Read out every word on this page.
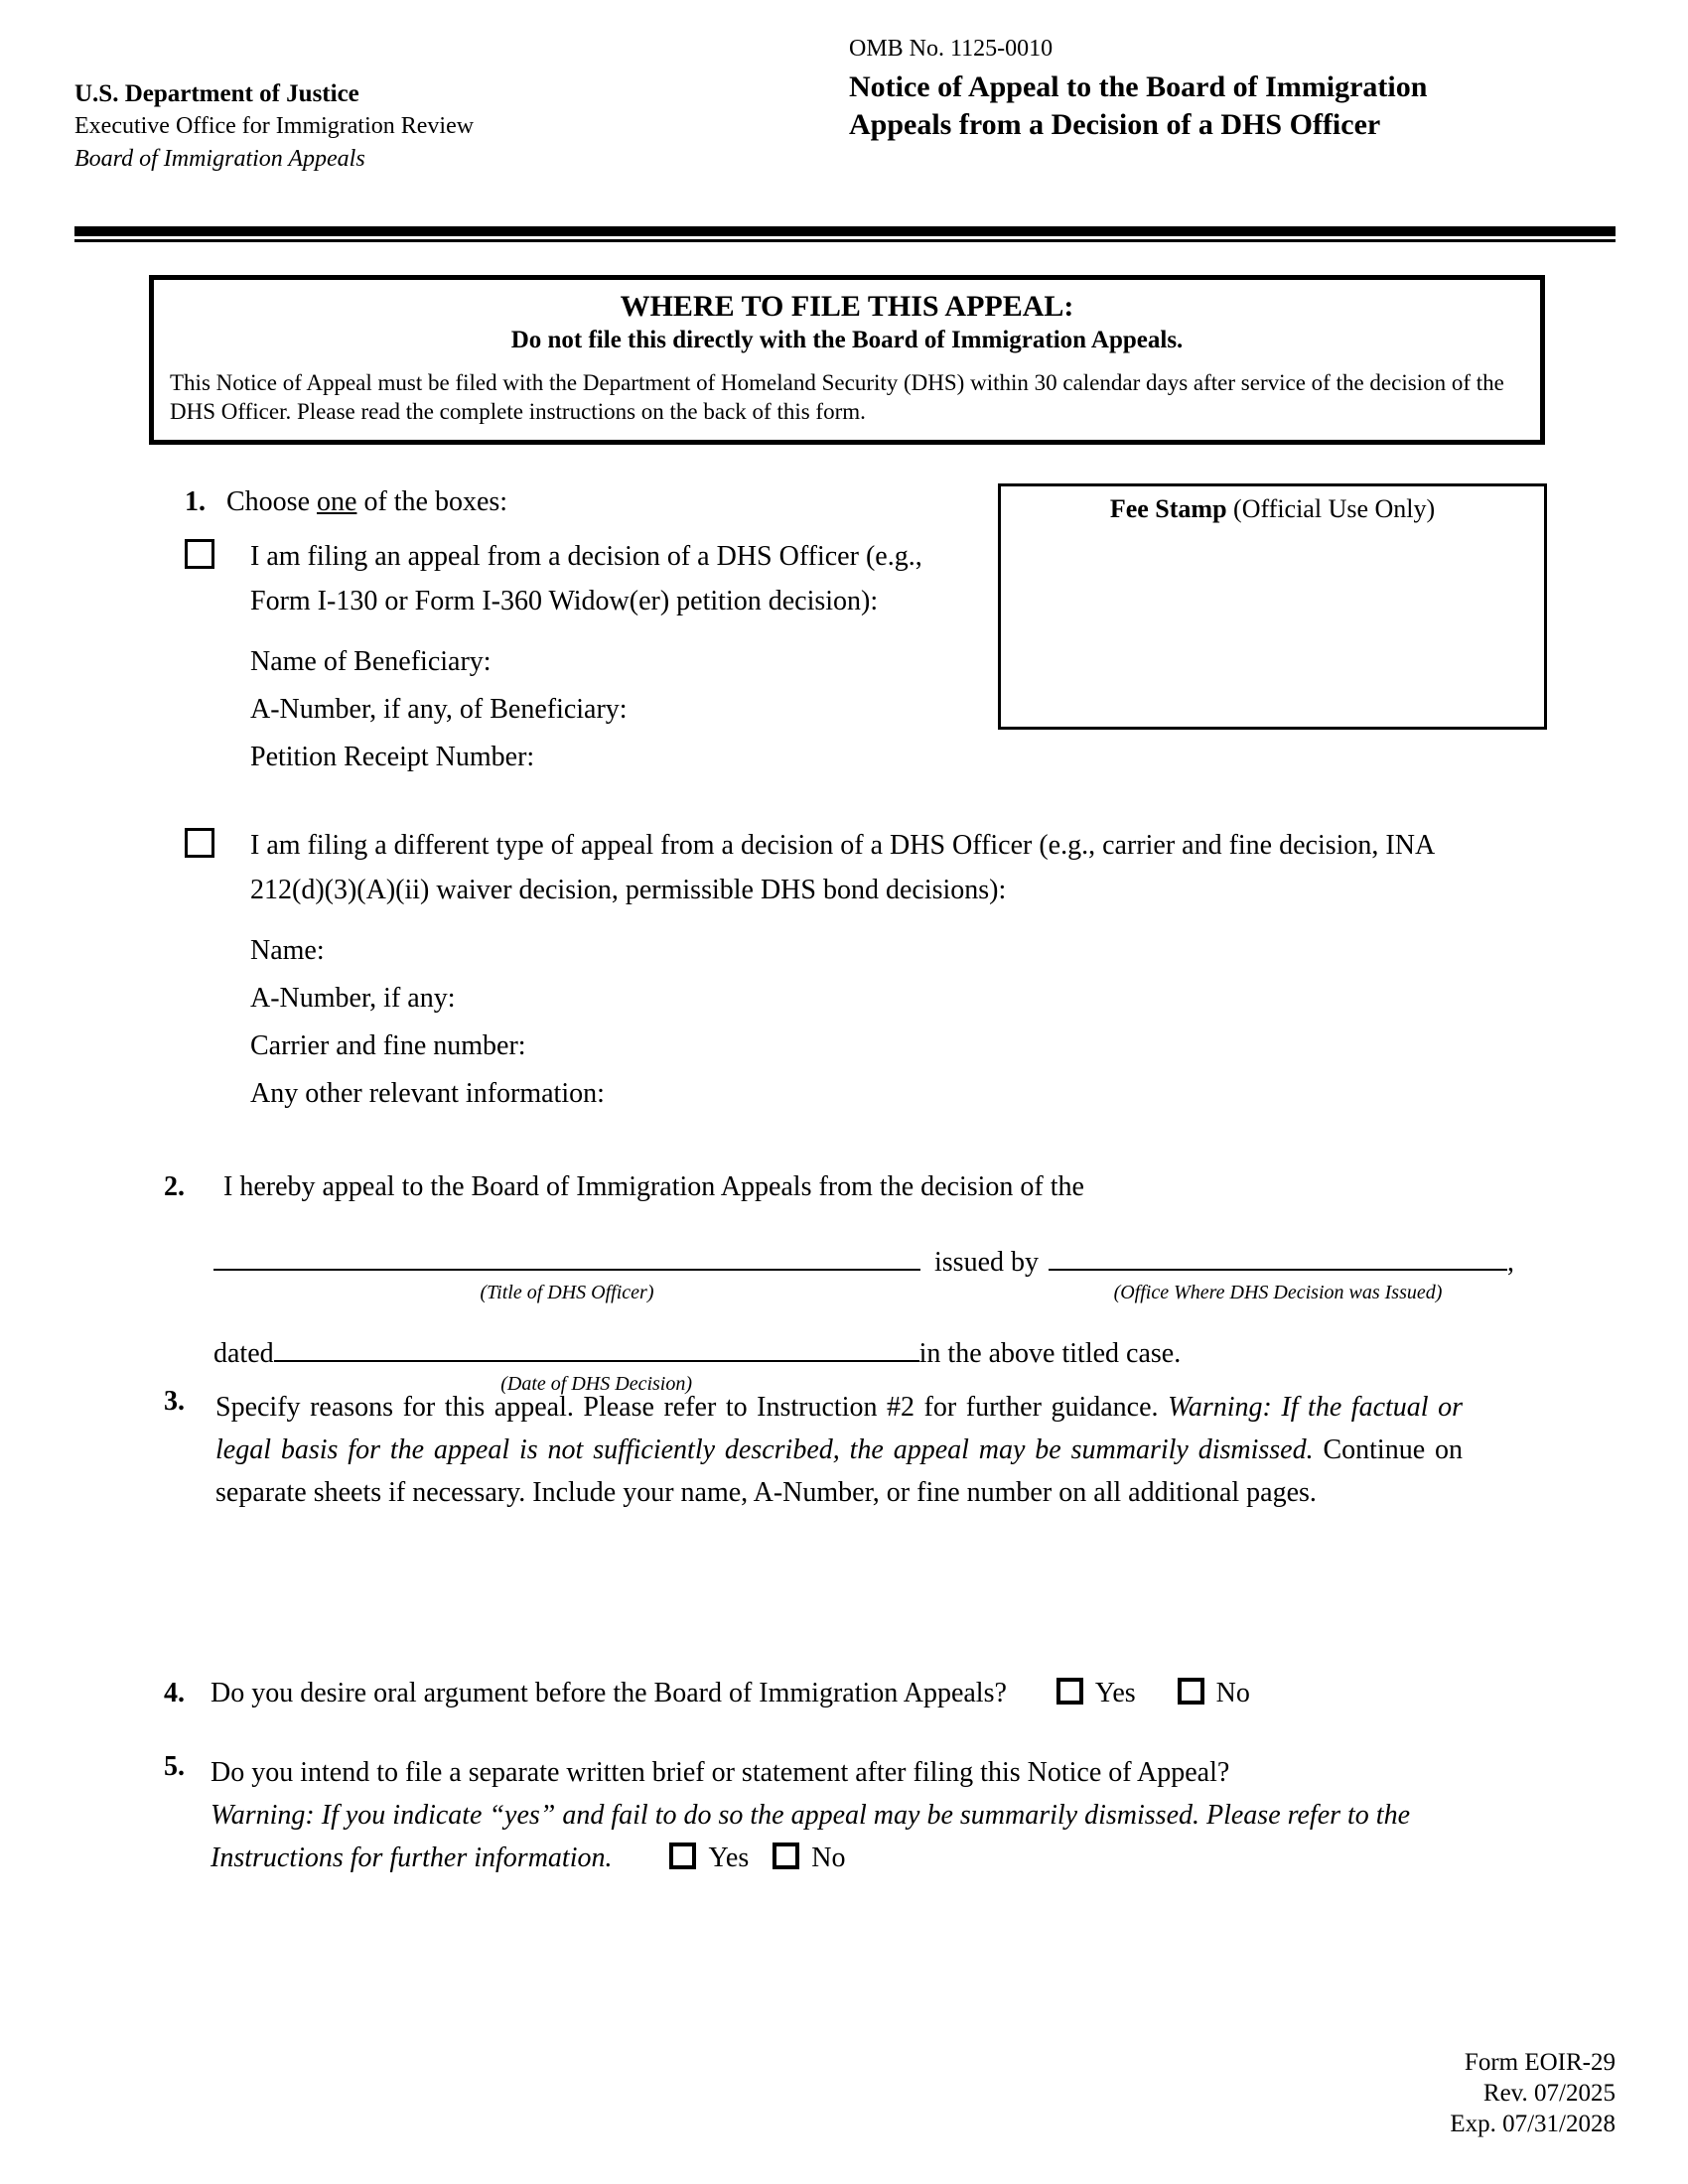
U.S. Department of Justice
Executive Office for Immigration Review
Board of Immigration Appeals
OMB No. 1125-0010
Notice of Appeal to the Board of Immigration
Appeals from a Decision of a DHS Officer
WHERE TO FILE THIS APPEAL:
Do not file this directly with the Board of Immigration Appeals.
This Notice of Appeal must be filed with the Department of Homeland Security (DHS) within 30 calendar days after service of the decision of the DHS Officer. Please read the complete instructions on the back of this form.
Fee Stamp (Official Use Only)
1. Choose one of the boxes:
I am filing an appeal from a decision of a DHS Officer (e.g., Form I-130 or Form I-360 Widow(er) petition decision):
Name of Beneficiary:
A-Number, if any, of Beneficiary:
Petition Receipt Number:
I am filing a different type of appeal from a decision of a DHS Officer (e.g., carrier and fine decision, INA 212(d)(3)(A)(ii) waiver decision, permissible DHS bond decisions):
Name:
A-Number, if any:
Carrier and fine number:
Any other relevant information:
2. I hereby appeal to the Board of Immigration Appeals from the decision of the
(Title of DHS Officer)
issued by
(Office Where DHS Decision was Issued)
,
dated
(Date of DHS Decision)
in the above titled case.
3.	Specify reasons for this appeal. Please refer to Instruction #2 for further guidance. Warning: If the factual or legal basis for the appeal is not sufficiently described, the appeal may be summarily dismissed. Continue on separate sheets if necessary. Include your name, A-Number, or fine number on all additional pages.
4. Do you desire oral argument before the Board of Immigration Appeals?	Yes	No
5. Do you intend to file a separate written brief or statement after filing this Notice of Appeal?
Warning: If you indicate “yes” and fail to do so the appeal may be summarily dismissed. Please refer to the Instructions for further information.	Yes No
Form EOIR-29
Rev. 07/2025
Exp. 07/31/2028
